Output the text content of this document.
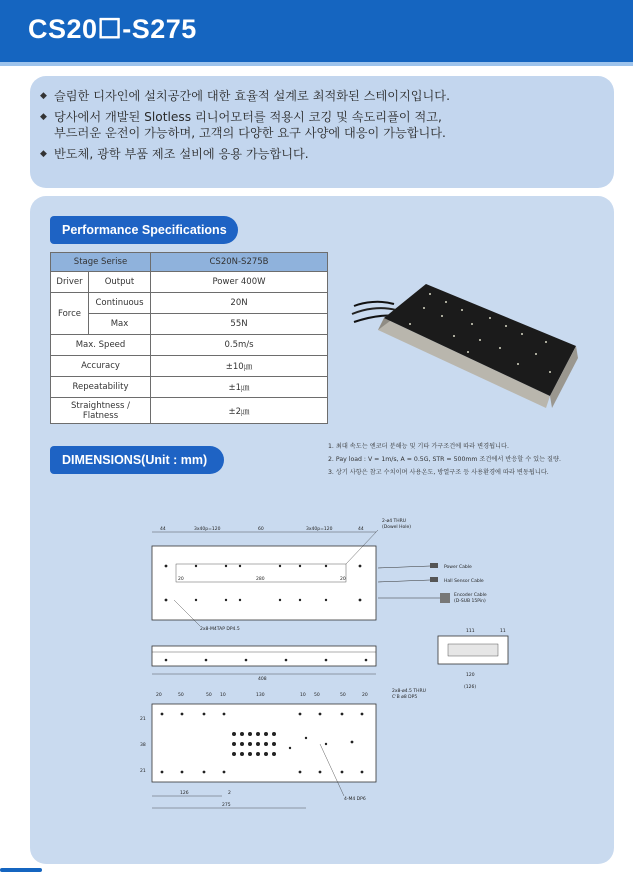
CS20☐-S275
◆ 슬림한 디자인에 설치공간에 대한 효율적 설계로 최적화된 스테이지입니다.
◆ 당사에서 개발된 Slotless 리니어모터를 적용시 코깅 및 속도리플이 적고,
부드러운 운전이 가능하며, 고객의 다양한 요구 사양에 대응이 가능합니다.
◆ 반도체, 광학 부품 제조 설비에 응용 가능합니다.
Performance Specifications
Stage Serise		CS20N-S275B
Driver	Output	Power 400W
Force	Continuous	20N
	Max	55N
Max. Speed		0.5m/s
Accuracy		±10㎛
Repeatability		±1㎛
Straightness /
Flatness		±2㎛
DIMENSIONS(Unit : mm)
1. 최대 속도는 엔코더 분해능 및 기타 가구조건에 따라 변경됩니다.
2. Pay load : V = 1m/s, A = 0.5G, STR = 500mm 조건에서 반응할 수 있는 질량.
3. 상기 사항은 참고 수치이며 사용온도, 방열구조 등 사용환경에 따라 변동됩니다.
44	3x40p=120	60	3x40p=120	44
2-ø4 THRU
(Dowel Hole)
280
20	20
2x8-M4TAP DP4.5
Power Cable
Hall Sensor Cable
Encoder Cable
(D-SUB 15Pin)
408
111	11
120
(126)
20	50	50 10	130	10 50	50	20
2x8-ø4.5 THRU
C‘B ø8 DP5
21
38
21
126	2
275
4-M4 DP6
